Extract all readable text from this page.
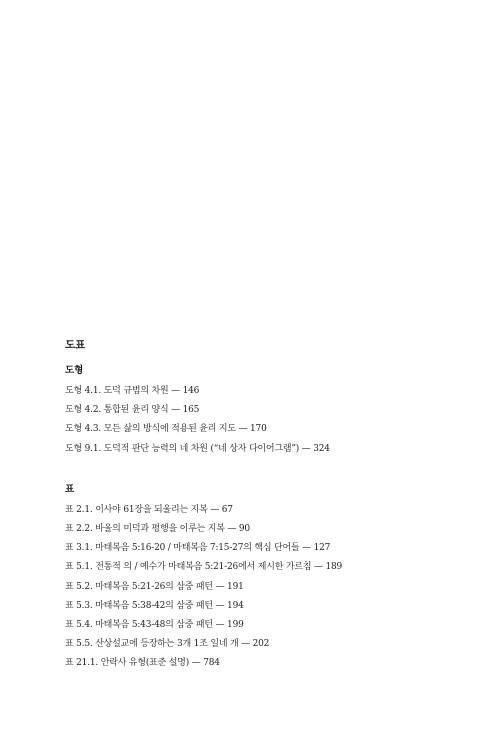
도표
도형
도형 4.1. 도덕 규범의 차원 — 146
도형 4.2. 통합된 윤리 양식 — 165
도형 4.3. 모든 삶의 방식에 적용된 윤리 지도 — 170
도형 9.1. 도덕적 판단 능력의 네 차원 (“네 상자 다이어그램”) — 324
표
표 2.1. 이사야 61장을 되울리는 지복 — 67
표 2.2. 바울의 미덕과 평행을 이루는 지복 — 90
표 3.1. 마태복음 5:16-20 / 마태복음 7:15-27의 핵심 단어들 — 127
표 5.1. 전통적 의 / 예수가 마태복음 5:21-26에서 제시한 가르침 — 189
표 5.2. 마태복음 5:21-26의 삼중 패턴 — 191
표 5.3. 마태복음 5:38-42의 삼중 패턴 — 194
표 5.4. 마태복음 5:43-48의 삼중 패턴 — 199
표 5.5. 산상설교에 등장하는 3개 1조 일네 개 — 202
표 21.1. 안락사 유형(표준 설명) — 784
